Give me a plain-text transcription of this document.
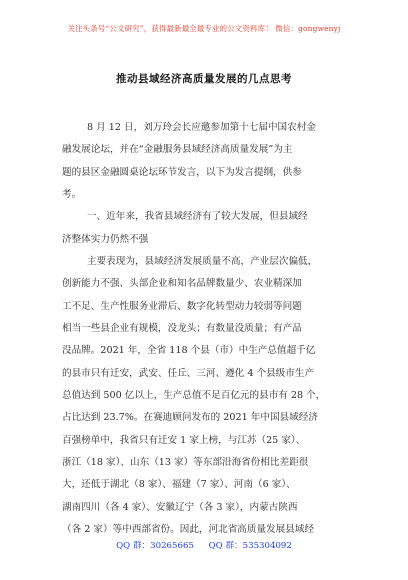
关注头条号“公文研究”，获得最新最全最专业的公文资料库！ 微信：gongwenyj
推动县域经济高质量发展的几点思考
8 月 12 日，刘万玲会长应邀参加第十七届中国农村金
融发展论坛，并在“金融服务县域经济高质量发展”为主
题的县区金融圆桌论坛环节发言，以下为发言提纲，供参
考。
一、近年来，我省县域经济有了较大发展，但县域经
济整体实力仍然不强
主要表现为，县域经济发展质量不高，产业层次偏低，
创新能力不强、头部企业和知名品牌数量少、农业精深加
工不足、生产性服务业滞后、数字化转型动力较弱等问题
相当一些县企业有规模，没龙头；有数量没质量；有产品
没品牌。2021 年，全省 118 个县（市）中生产总值超千亿
的县市只有迁安，武安、任丘、三河、遵化 4 个县级市生产
总值达到 500 亿以上，生产总值不足百亿元的县市有 28 个，
占比达到 23.7%。在赛迪顾问发布的 2021 年中国县域经济
百强榜单中，我省只有迁安 1 家上榜，与江苏（25 家）、
浙江（18 家）、山东（13 家）等东部沿海省份相比差距很
大，还低于湖北（8 家）、福建（7 家）、河南（6 家）、
湖南四川（各 4 家）、安徽辽宁（各 3 家），内蒙古陕西
QQ 群：30265665 QQ 群：535304092
（各 2 家）等中西部省份。因此，河北省高质量发展县域经
